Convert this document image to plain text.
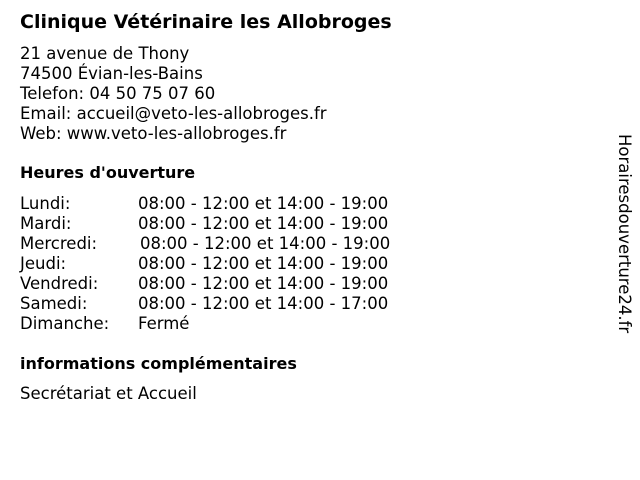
Clinique Vétérinaire les Allobroges
21 avenue de Thony
74500 Évian-les-Bains
Telefon: 04 50 75 07 60
Email: accueil@veto-les-allobroges.fr
Web: www.veto-les-allobroges.fr
Heures d'ouverture
Lundi:	08:00 - 12:00 et 14:00 - 19:00
Mardi:	08:00 - 12:00 et 14:00 - 19:00
Mercredi:	08:00 - 12:00 et 14:00 - 19:00
Jeudi:	08:00 - 12:00 et 14:00 - 19:00
Vendredi:	08:00 - 12:00 et 14:00 - 19:00
Samedi:	08:00 - 12:00 et 14:00 - 17:00
Dimanche:	Fermé
informations complémentaires
Secrétariat et Accueil
Horairesdouverture24.fr
